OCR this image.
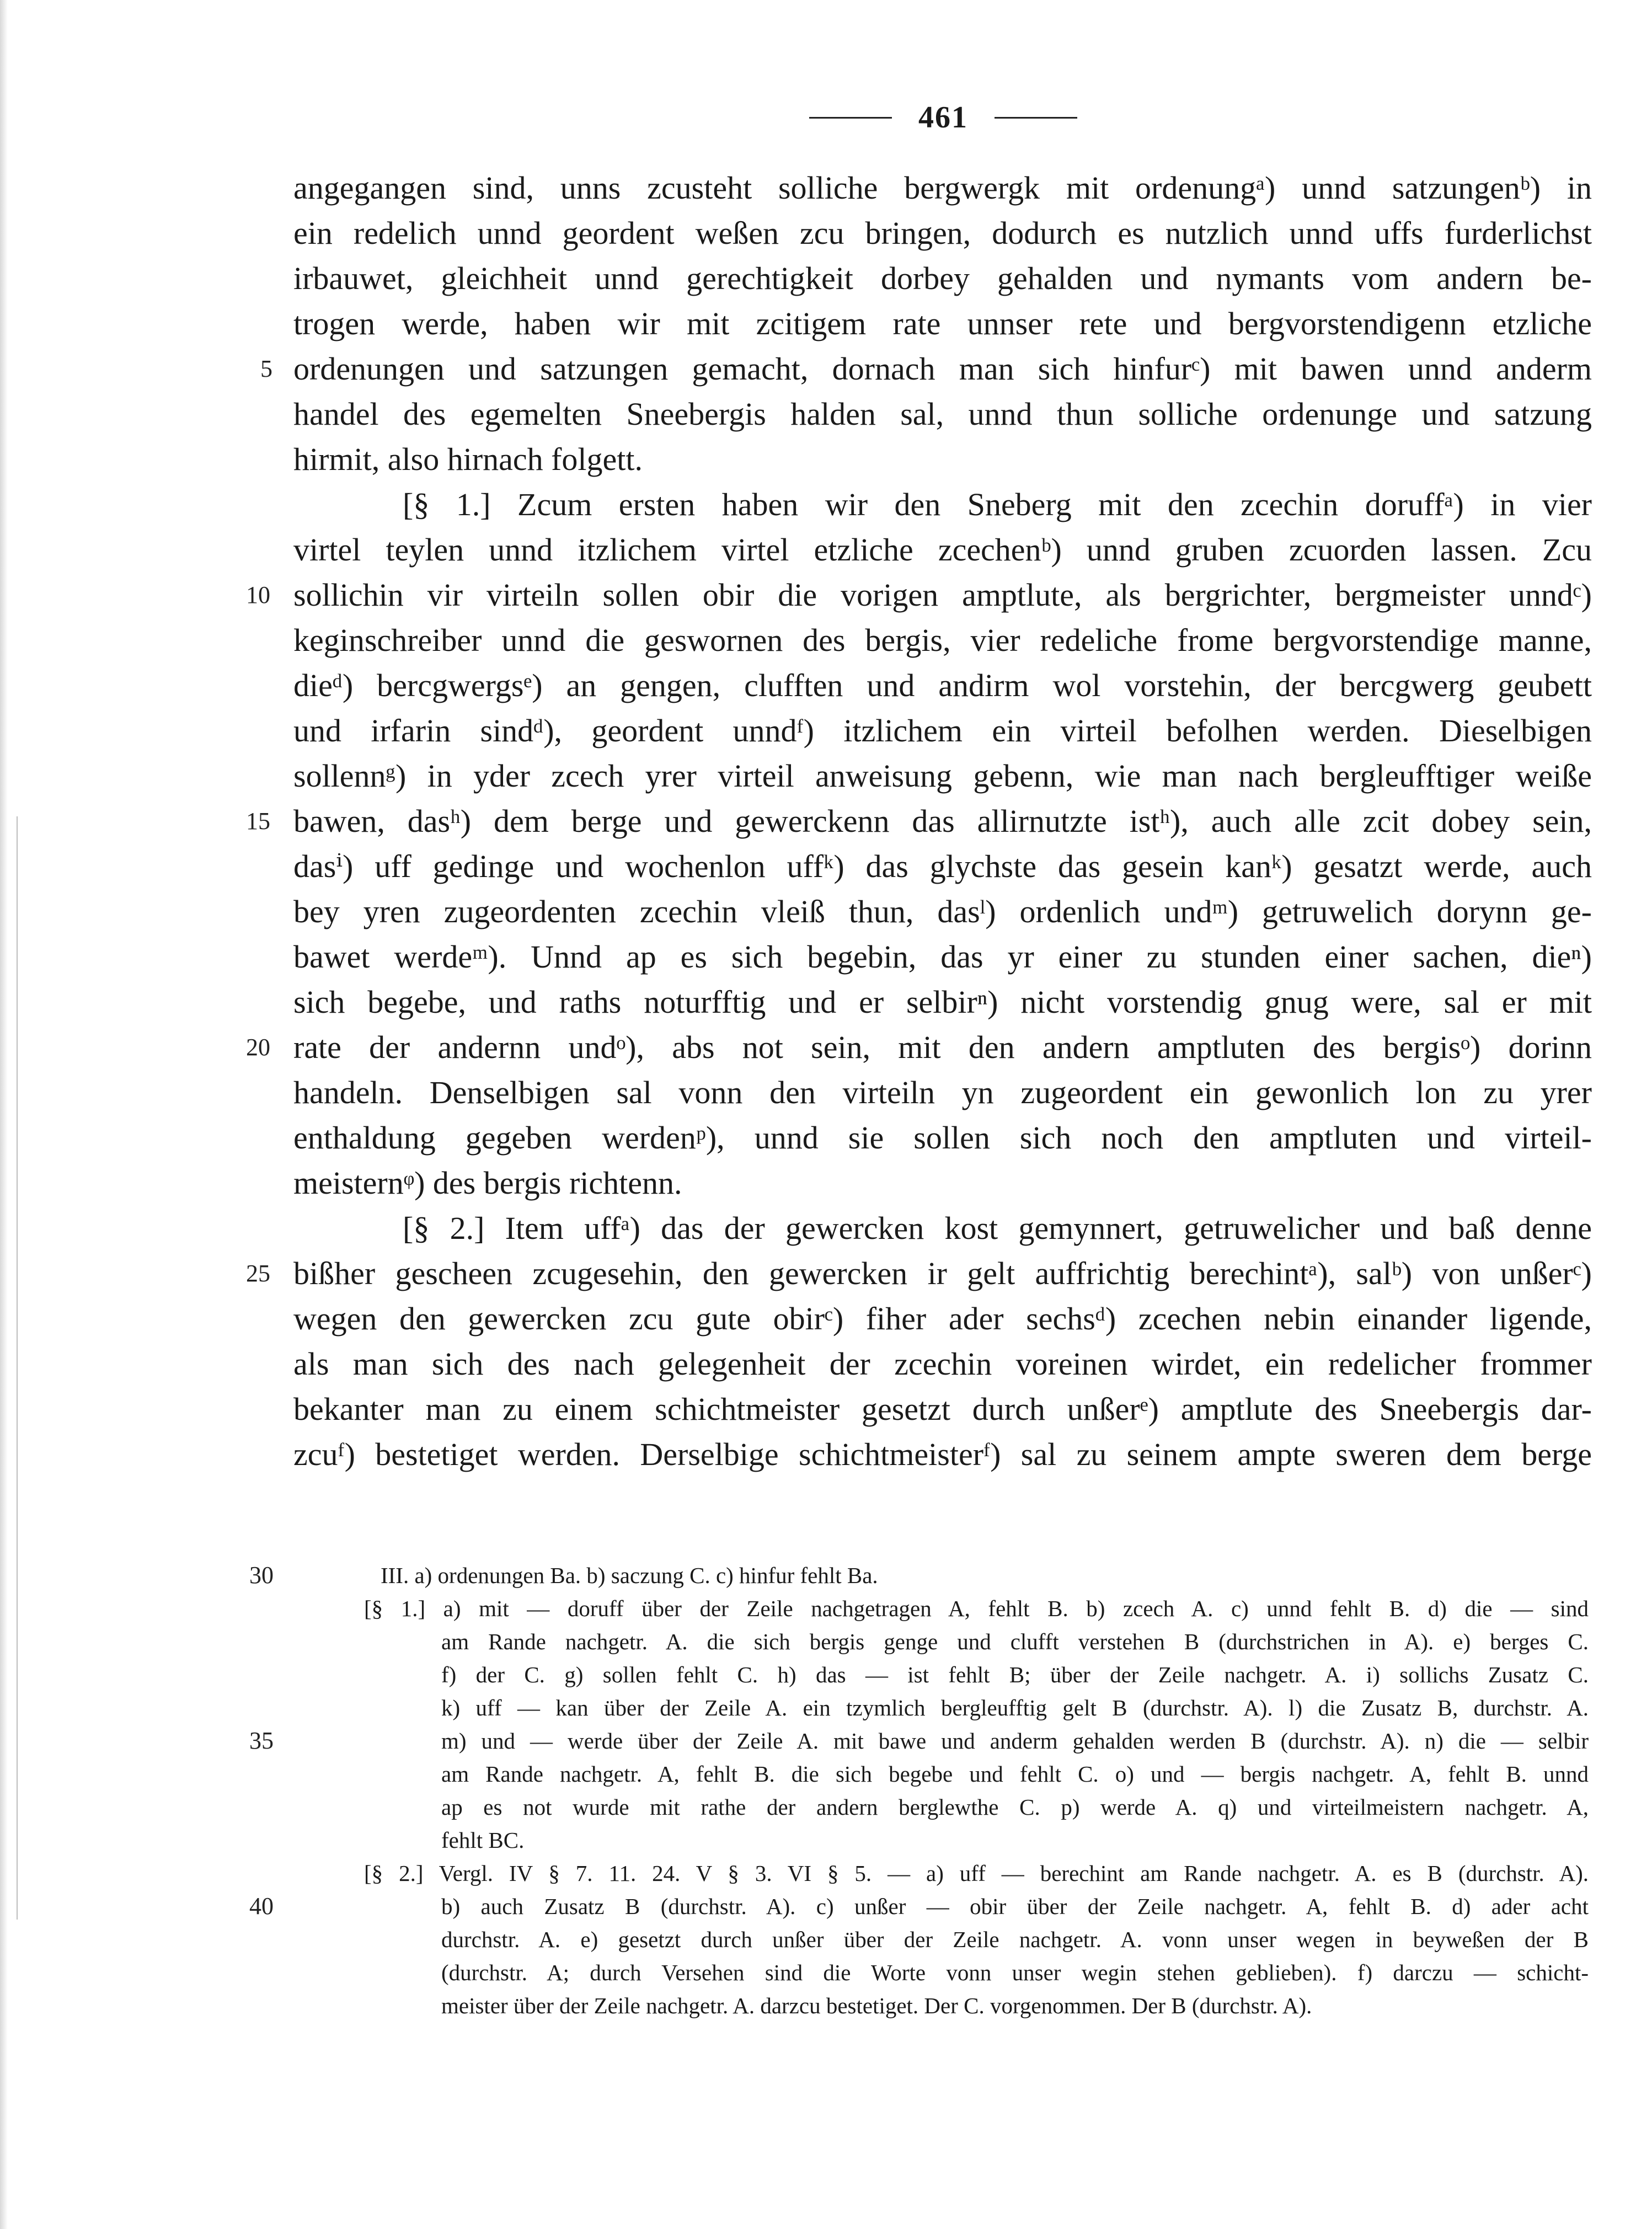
461
angegangen sind, unns zcusteht solliche bergwergk mit ordenungᵃ) unnd satzungenᵇ) in
ein redelich unnd geordent weßen zcu bringen, dodurch es nutzlich unnd uffs furderlichst
irbauwet, gleichheit unnd gerechtigkeit dorbey gehalden und nymants vom andern be-
trogen werde, haben wir mit zcitigem rate unnser rete und bergvorstendigenn etzliche
ordenungen und satzungen gemacht, dornach man sich hinfurᶜ) mit bawen unnd anderm
handel des egemelten Sneebergis halden sal, unnd thun solliche ordenunge und satzung
hirmit, also hirnach folgett.
[§ 1.] Zcum ersten haben wir den Sneberg mit den zcechin doruffᵃ) in vier
virtel teylen unnd itzlichem virtel etzliche zcechenᵇ) unnd gruben zcuorden lassen. Zcu
sollichin vir virteiln sollen obir die vorigen amptlute, als bergrichter, bergmeister unndᶜ)
keginschreiber unnd die geswornen des bergis, vier redeliche frome bergvorstendige manne,
dieᵈ) bercgwergsᵉ) an gengen, clufften und andirm wol vorstehin, der bercgwerg geubett
und irfarin sindᵈ), geordent unndᶠ) itzlichem ein virteil befolhen werden. Dieselbigen
sollennᵍ) in yder zcech yrer virteil anweisung gebenn, wie man nach bergleufftiger weiße
bawen, dasʰ) dem berge und gewerckenn das allirnutzte istʰ), auch alle zcit dobey sein,
dasⁱ) uff gedinge und wochenlon uffᵏ) das glychste das gesein kanᵏ) gesatzt werde, auch
bey yren zugeordenten zcechin vleiß thun, dasˡ) ordenlich undᵐ) getruwelich dorynn ge-
bawet werdeᵐ). Unnd ap es sich begebin, das yr einer zu stunden einer sachen, dieⁿ)
sich begebe, und raths noturfftig und er selbirⁿ) nicht vorstendig gnug were, sal er mit
rate der andernn undᵒ), abs not sein, mit den andern amptluten des bergisᵒ) dorinn
handeln. Denselbigen sal vonn den virteiln yn zugeordent ein gewonlich lon zu yrer
enthaldung gegeben werdenᵖ), unnd sie sollen sich noch den amptluten und virteil-
meisternᵠ) des bergis richtenn.
[§ 2.] Item uffᵃ) das der gewercken kost gemynnert, getruwelicher und baß denne
bißher gescheen zcugesehin, den gewercken ir gelt auffrichtig berechintᵃ), salᵇ) von unßerᶜ)
wegen den gewercken zcu gute obirᶜ) fiher ader sechsᵈ) zcechen nebin einander ligende,
als man sich des nach gelegenheit der zcechin voreinen wirdet, ein redelicher frommer
bekanter man zu einem schichtmeister gesetzt durch unßerᵉ) amptlute des Sneebergis dar-
zcuᶠ) bestetiget werden. Derselbige schichtmeisterᶠ) sal zu seinem ampte sweren dem berge
5
10
15
20
25
III. a) ordenungen Ba. b) saczung C. c) hinfur fehlt Ba.
[§ 1.] a) mit — doruff über der Zeile nachgetragen A, fehlt B. b) zcech A. c) unnd fehlt B. d) die — sind
am Rande nachgetr. A. die sich bergis genge und clufft verstehen B (durchstrichen in A). e) berges C.
f) der C. g) sollen fehlt C. h) das — ist fehlt B; über der Zeile nachgetr. A. i) sollichs Zusatz C.
k) uff — kan über der Zeile A. ein tzymlich bergleufftig gelt B (durchstr. A). l) die Zusatz B, durchstr. A.
m) und — werde über der Zeile A. mit bawe und anderm gehalden werden B (durchstr. A). n) die — selbir
am Rande nachgetr. A, fehlt B. die sich begebe und fehlt C. o) und — bergis nachgetr. A, fehlt B. unnd
ap es not wurde mit rathe der andern berglewthe C. p) werde A. q) und virteilmeistern nachgetr. A,
fehlt BC.
[§ 2.] Vergl. IV § 7. 11. 24. V § 3. VI § 5. — a) uff — berechint am Rande nachgetr. A. es B (durchstr. A).
b) auch Zusatz B (durchstr. A). c) unßer — obir über der Zeile nachgetr. A, fehlt B. d) ader acht
durchstr. A. e) gesetzt durch unßer über der Zeile nachgetr. A. vonn unser wegen in beyweßen der B
(durchstr. A; durch Versehen sind die Worte vonn unser wegin stehen geblieben). f) darczu — schicht-
meister über der Zeile nachgetr. A. darzcu bestetiget. Der C. vorgenommen. Der B (durchstr. A).
30
35
40
